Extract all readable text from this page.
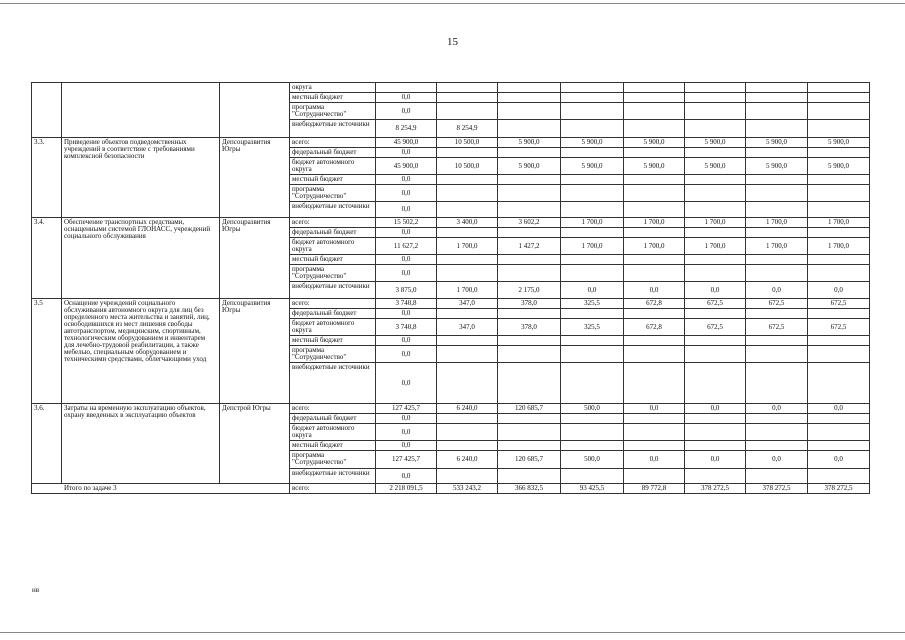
15
			округа								
			местный бюджет	0,0							
			программа "Сотрудничество"	0,0							
			внебюджетные источники	8 254,9	8 254,9						
3.3.	Приведение объектов подведомственных учреждений в соответствие с требованиями комплексной безопасности	Депсоцразвития Югры	всего:	45 900,0	10 500,0	5 900,0	5 900,0	5 900,0	5 900,0	5 900,0	5 900,0
			федеральный бюджет	0,0							
			бюджет автономного округа	45 900,0	10 500,0	5 900,0	5 900,0	5 900,0	5 900,0	5 900,0	5 900,0
			местный бюджет	0,0							
			программа "Сотрудничество"	0,0							
			внебюджетные источники	0,0							
3.4.	Обеспечение транспортных средствами, оснащенными системой ГЛОНАСС, учреждений социального обслуживания	Депсоцразвития Югры	всего:	15 502,2	3 400,0	3 602,2	1 700,0	1 700,0	1 700,0	1 700,0	1 700,0
			федеральный бюджет	0,0							
			бюджет автономного округа	11 627,2	1 700,0	1 427,2	1 700,0	1 700,0	1 700,0	1 700,0	1 700,0
			местный бюджет	0,0							
			программа "Сотрудничество"	0,0							
			внебюджетные источники	3 875,0	1 700,0	2 175,0	0,0	0,0	0,0	0,0	0,0
3.5	Оснащение учреждений социального обслуживания автономного округа для лиц без определенного места жительства и занятий, лиц, освободившихся из мест лишения свободы автотранспортом, медицинским, спортивным, технологическим оборудованием и инвентарем для лечебно-трудовой реабилитации, а также мебелью, специальным оборудованием и техническими средствами, облегчающими уход	Депсоцразвития Югры	всего:	3 740,8	347,0	378,0	325,5	672,8	672,5	672,5	672,5
			федеральный бюджет	0,0							
			бюджет автономного округа	3 740,8	347,0	378,0	325,5	672,8	672,5	672,5	672,5
			местный бюджет	0,0							
			программа "Сотрудничество"	0,0							
			внебюджетные источники	0,0							
3.6.	Затраты на временную эксплуатацию объектов, охрану введенных в эксплуатацию объектов	Депстрой Югры	всего:	127 425,7	6 240,0	120 685,7	500,0	0,0	0,0	0,0	0,0
			федеральный бюджет	0,0							
			бюджет автономного округа	0,0							
			местный бюджет	0,0							
			программа "Сотрудничество"	127 425,7	6 240,0	120 685,7	500,0	0,0	0,0	0,0	0,0
			внебюджетные источники	0,0							
Итого по задаче 3			всего:	2 218 091,5	533 243,2	366 832,5	93 425,5	89 772,8	378 272,5	378 272,5	378 272,5
нв
